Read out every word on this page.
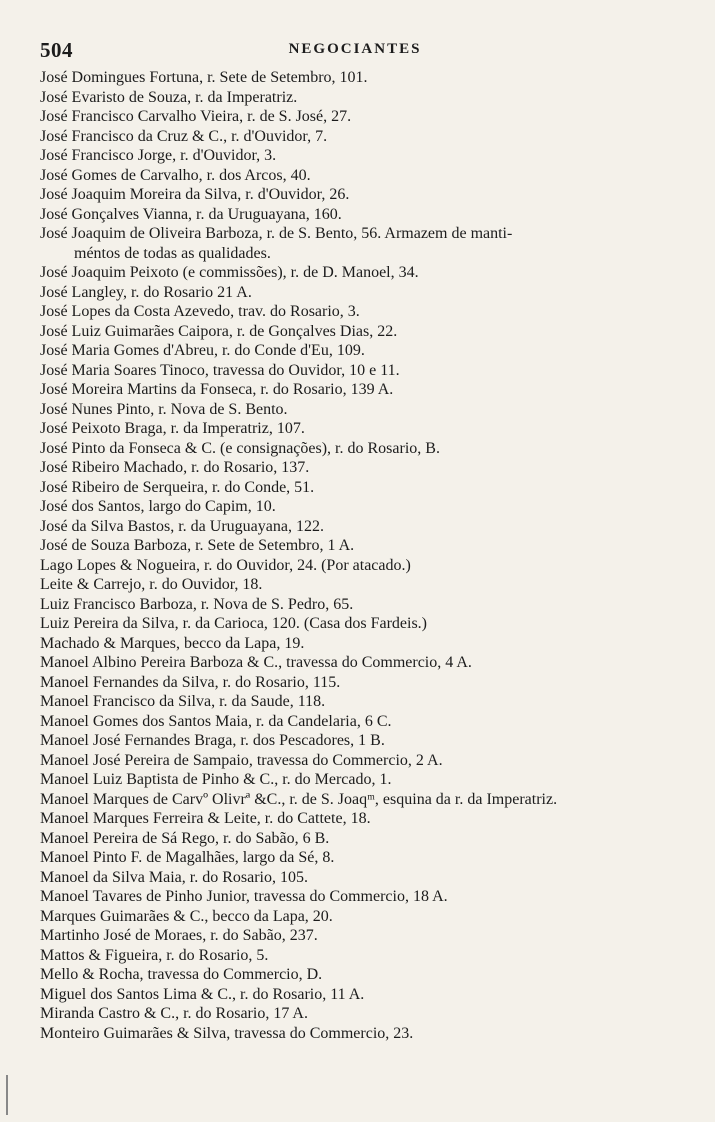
504	NEGOCIANTES
José Domingues Fortuna, r. Sete de Setembro, 101.
José Evaristo de Souza, r. da Imperatriz.
José Francisco Carvalho Vieira, r. de S. José, 27.
José Francisco da Cruz & C., r. d'Ouvidor, 7.
José Francisco Jorge, r. d'Ouvidor, 3.
José Gomes de Carvalho, r. dos Arcos, 40.
José Joaquim Moreira da Silva, r. d'Ouvidor, 26.
José Gonçalves Vianna, r. da Uruguayana, 160.
José Joaquim de Oliveira Barboza, r. de S. Bento, 56. Armazem de manti-
méntos de todas as qualidades.
José Joaquim Peixoto (e commissões), r. de D. Manoel, 34.
José Langley, r. do Rosario 21 A.
José Lopes da Costa Azevedo, trav. do Rosario, 3.
José Luiz Guimarães Caipora, r. de Gonçalves Dias, 22.
José Maria Gomes d'Abreu, r. do Conde d'Eu, 109.
José Maria Soares Tinoco, travessa do Ouvidor, 10 e 11.
José Moreira Martins da Fonseca, r. do Rosario, 139 A.
José Nunes Pinto, r. Nova de S. Bento.
José Peixoto Braga, r. da Imperatriz, 107.
José Pinto da Fonseca & C. (e consignações), r. do Rosario, B.
José Ribeiro Machado, r. do Rosario, 137.
José Ribeiro de Serqueira, r. do Conde, 51.
José dos Santos, largo do Capim, 10.
José da Silva Bastos, r. da Uruguayana, 122.
José de Souza Barboza, r. Sete de Setembro, 1 A.
Lago Lopes & Nogueira, r. do Ouvidor, 24. (Por atacado.)
Leite & Carrejo, r. do Ouvidor, 18.
Luiz Francisco Barboza, r. Nova de S. Pedro, 65.
Luiz Pereira da Silva, r. da Carioca, 120. (Casa dos Fardeis.)
Machado & Marques, becco da Lapa, 19.
Manoel Albino Pereira Barboza & C., travessa do Commercio, 4 A.
Manoel Fernandes da Silva, r. do Rosario, 115.
Manoel Francisco da Silva, r. da Saude, 118.
Manoel Gomes dos Santos Maia, r. da Candelaria, 6 C.
Manoel José Fernandes Braga, r. dos Pescadores, 1 B.
Manoel José Pereira de Sampaio, travessa do Commercio, 2 A.
Manoel Luiz Baptista de Pinho & C., r. do Mercado, 1.
Manoel Marques de Carvº Olivrª &C., r. de S. Joaqᵐ, esquina da r. da Imperatriz.
Manoel Marques Ferreira & Leite, r. do Cattete, 18.
Manoel Pereira de Sá Rego, r. do Sabão, 6 B.
Manoel Pinto F. de Magalhães, largo da Sé, 8.
Manoel da Silva Maia, r. do Rosario, 105.
Manoel Tavares de Pinho Junior, travessa do Commercio, 18 A.
Marques Guimarães & C., becco da Lapa, 20.
Martinho José de Moraes, r. do Sabão, 237.
Mattos & Figueira, r. do Rosario, 5.
Mello & Rocha, travessa do Commercio, D.
Miguel dos Santos Lima & C., r. do Rosario, 11 A.
Miranda Castro & C., r. do Rosario, 17 A.
Monteiro Guimarães & Silva, travessa do Commercio, 23.
